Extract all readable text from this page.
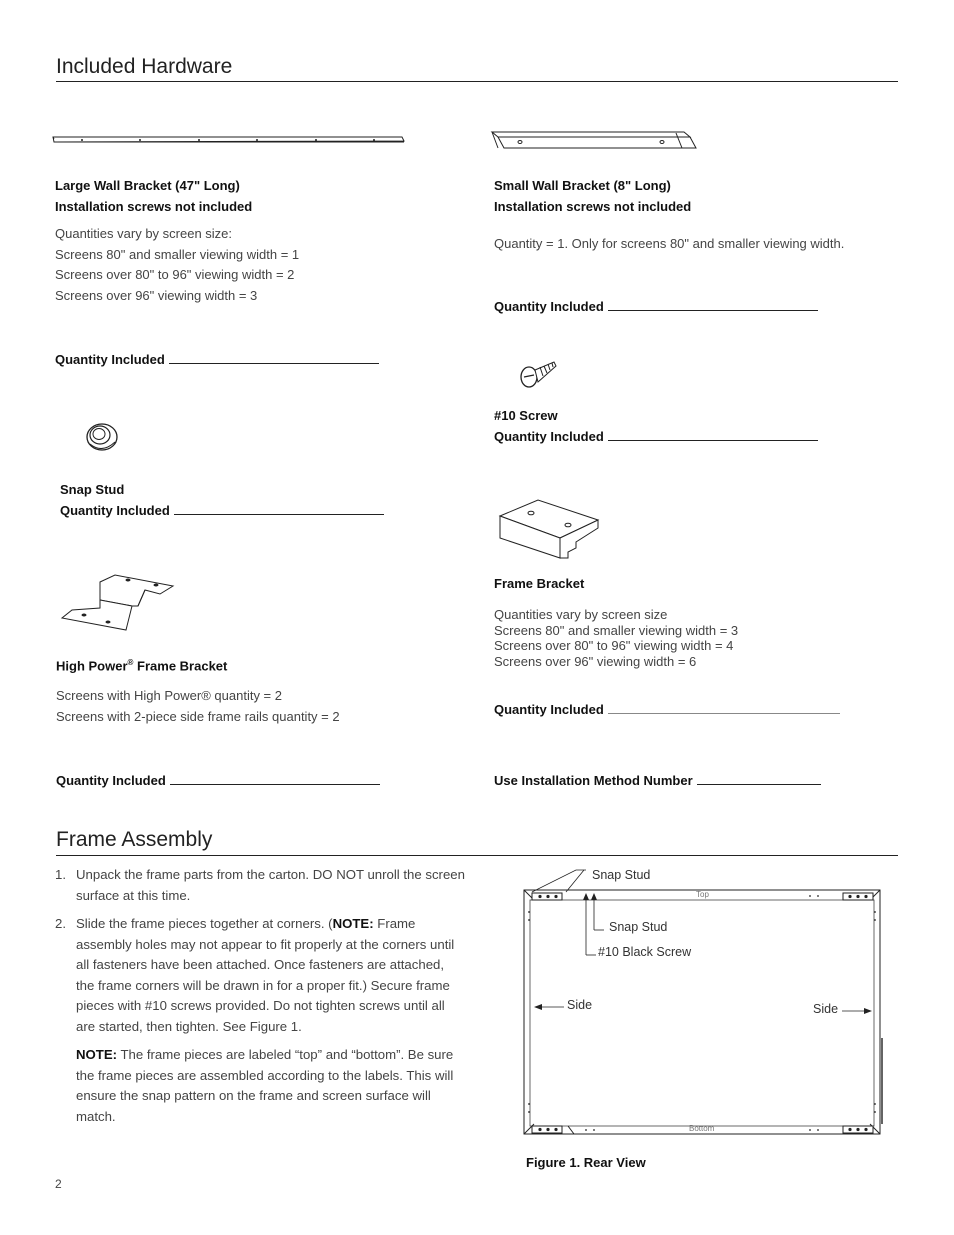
Included Hardware
Large Wall Bracket (47" Long)
Installation screws not included
Quantities vary by screen size:
Screens 80" and smaller viewing width = 1
Screens over 80" to 96" viewing width = 2
Screens over 96" viewing width = 3
Quantity Included
Snap Stud
Quantity Included
High Power® Frame Bracket
Screens with High Power® quantity = 2
Screens with 2-piece side frame rails quantity = 2
Quantity Included
Small Wall Bracket (8" Long)
Installation screws not included
Quantity = 1. Only for screens 80" and smaller viewing width.
Quantity Included
#10 Screw
Quantity Included
Frame Bracket
Quantities vary by screen size
Screens 80" and smaller viewing width = 3
Screens over 80" to 96" viewing width = 4
Screens over 96" viewing width = 6
Quantity Included
Use Installation Method Number
Frame Assembly
1. Unpack the frame parts from the carton. DO NOT unroll the screen surface at this time.
2. Slide the frame pieces together at corners. (NOTE: Frame assembly holes may not appear to fit properly at the corners until all fasteners have been attached. Once fasteners are attached, the frame corners will be drawn in for a proper fit.) Secure frame pieces with #10 screws provided. Do not tighten screws until all are started, then tighten. See Figure 1.
NOTE: The frame pieces are labeled “top” and “bottom”. Be sure the frame pieces are assembled according to the labels. This will ensure the snap pattern on the frame and screen surface will match.
Snap Stud
Snap Stud
#10 Black Screw
Side	Side
Top
Bottom
Figure 1. Rear View
2
